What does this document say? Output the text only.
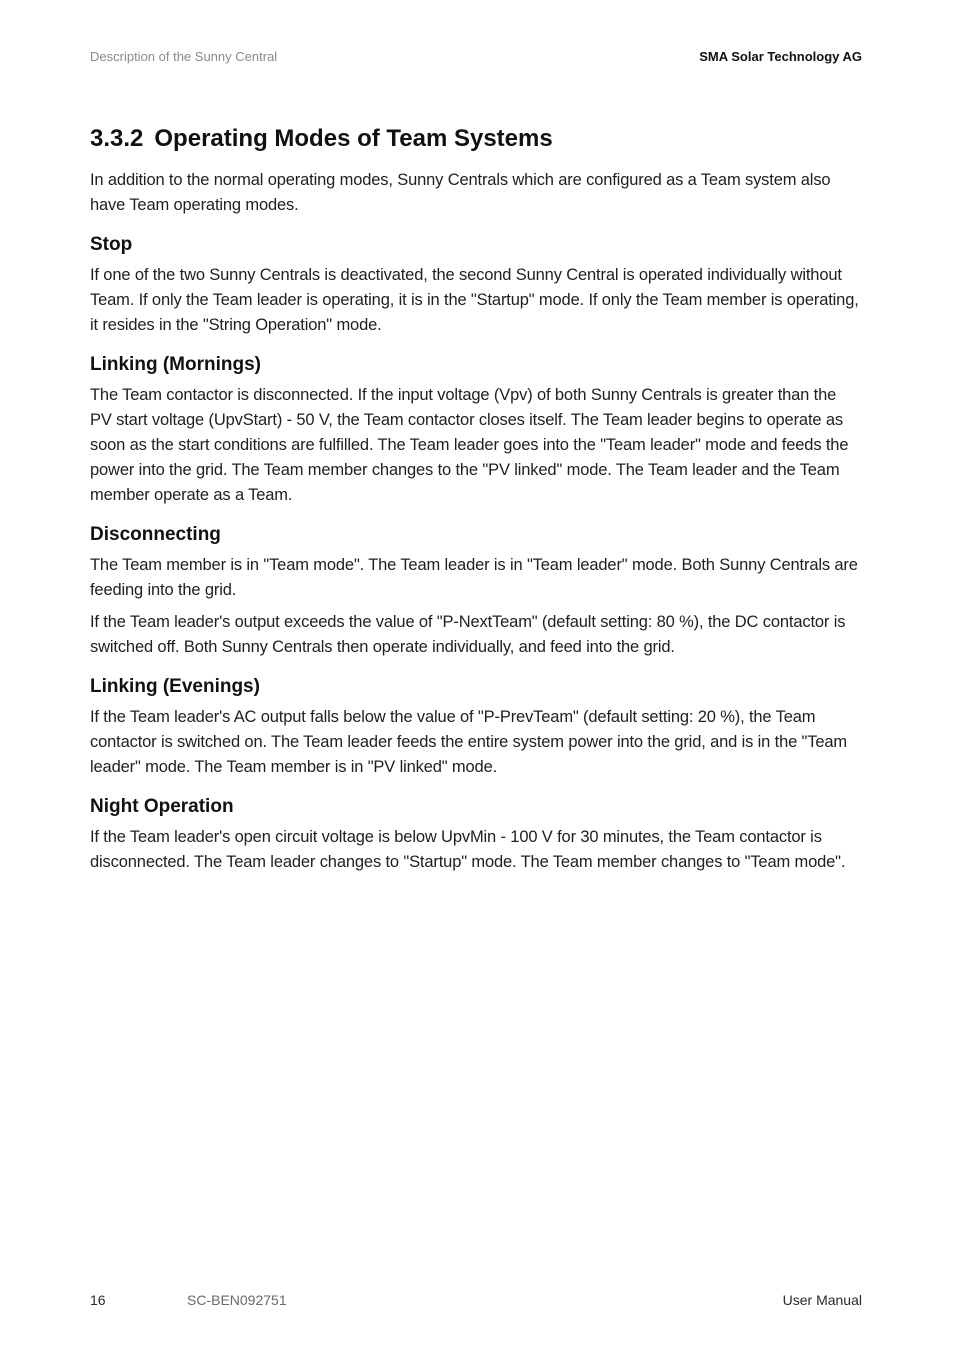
Description of the Sunny Central	SMA Solar Technology AG
3.3.2 Operating Modes of Team Systems

In addition to the normal operating modes, Sunny Centrals which are configured as a Team system also have Team operating modes.

Stop

If one of the two Sunny Centrals is deactivated, the second Sunny Central is operated individually without Team. If only the Team leader is operating, it is in the "Startup" mode. If only the Team member is operating, it resides in the "String Operation" mode.

Linking (Mornings)

The Team contactor is disconnected. If the input voltage (Vpv) of both Sunny Centrals is greater than the PV start voltage (UpvStart) - 50 V, the Team contactor closes itself. The Team leader begins to operate as soon as the start conditions are fulfilled. The Team leader goes into the "Team leader" mode and feeds the power into the grid. The Team member changes to the "PV linked" mode. The Team leader and the Team member operate as a Team.

Disconnecting

The Team member is in "Team mode". The Team leader is in "Team leader" mode. Both Sunny Centrals are feeding into the grid.

If the Team leader's output exceeds the value of "P-NextTeam" (default setting: 80 %), the DC contactor is switched off. Both Sunny Centrals then operate individually, and feed into the grid.

Linking (Evenings)

If the Team leader's AC output falls below the value of "P-PrevTeam" (default setting: 20 %), the Team contactor is switched on. The Team leader feeds the entire system power into the grid, and is in the "Team leader" mode. The Team member is in "PV linked" mode.

Night Operation

If the Team leader's open circuit voltage is below UpvMin - 100 V for 30 minutes, the Team contactor is disconnected. The Team leader changes to "Startup" mode. The Team member changes to "Team mode".

16	SC-BEN092751	User Manual
